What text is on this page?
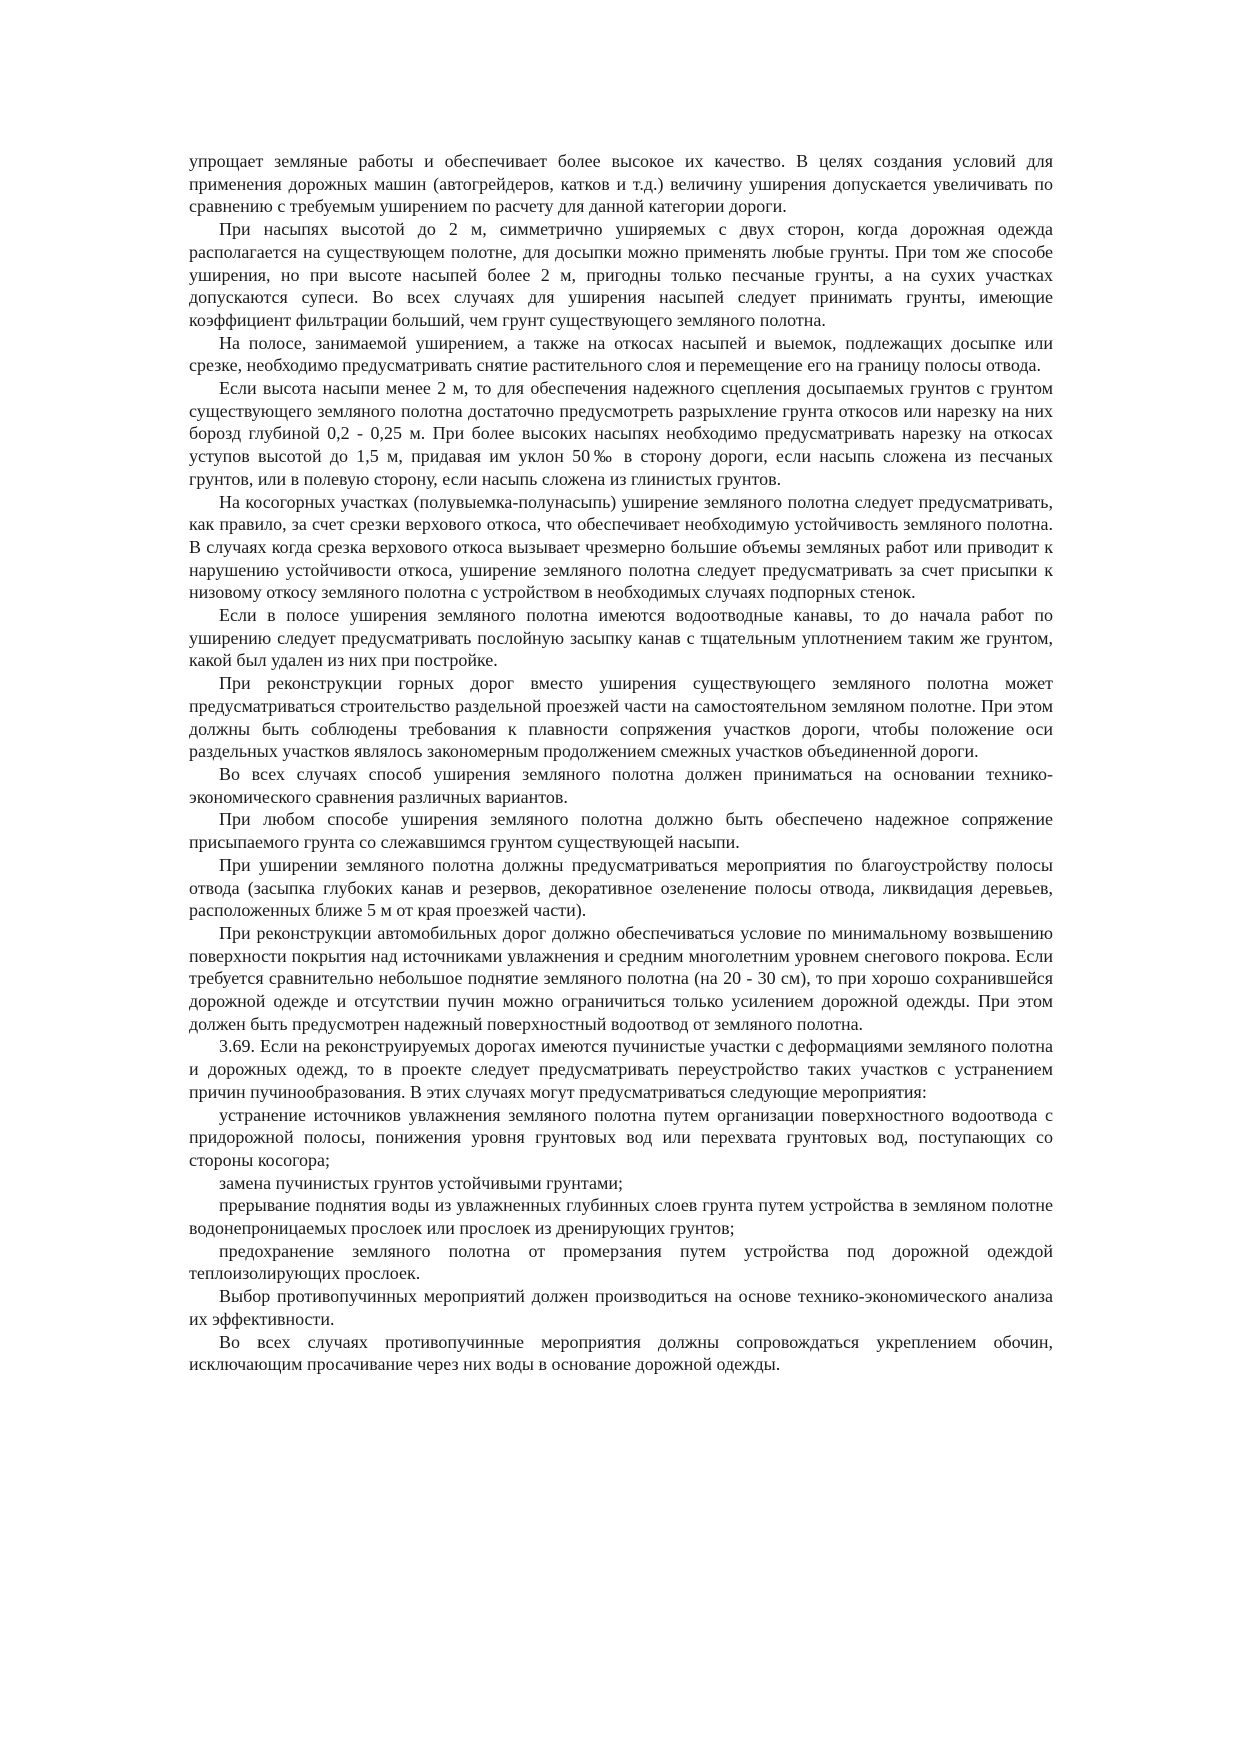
упрощает земляные работы и обеспечивает более высокое их качество. В целях создания условий для применения дорожных машин (автогрейдеров, катков и т.д.) величину уширения допускается увеличивать по сравнению с требуемым уширением по расчету для данной категории дороги.

При насыпях высотой до 2 м, симметрично уширяемых с двух сторон, когда дорожная одежда располагается на существующем полотне, для досыпки можно применять любые грунты. При том же способе уширения, но при высоте насыпей более 2 м, пригодны только песчаные грунты, а на сухих участках допускаются супеси. Во всех случаях для уширения насыпей следует принимать грунты, имеющие коэффициент фильтрации больший, чем грунт существующего земляного полотна.

На полосе, занимаемой уширением, а также на откосах насыпей и выемок, подлежащих досыпке или срезке, необходимо предусматривать снятие растительного слоя и перемещение его на границу полосы отвода.

Если высота насыпи менее 2 м, то для обеспечения надежного сцепления досыпаемых грунтов с грунтом существующего земляного полотна достаточно предусмотреть разрыхление грунта откосов или нарезку на них борозд глубиной 0,2 - 0,25 м. При более высоких насыпях необходимо предусматривать нарезку на откосах уступов высотой до 1,5 м, придавая им уклон 50‰ в сторону дороги, если насыпь сложена из песчаных грунтов, или в полевую сторону, если насыпь сложена из глинистых грунтов.

На косогорных участках (полувыемка-полунасыпь) уширение земляного полотна следует предусматривать, как правило, за счет срезки верхового откоса, что обеспечивает необходимую устойчивость земляного полотна. В случаях когда срезка верхового откоса вызывает чрезмерно большие объемы земляных работ или приводит к нарушению устойчивости откоса, уширение земляного полотна следует предусматривать за счет присыпки к низовому откосу земляного полотна с устройством в необходимых случаях подпорных стенок.

Если в полосе уширения земляного полотна имеются водоотводные канавы, то до начала работ по уширению следует предусматривать послойную засыпку канав с тщательным уплотнением таким же грунтом, какой был удален из них при постройке.

При реконструкции горных дорог вместо уширения существующего земляного полотна может предусматриваться строительство раздельной проезжей части на самостоятельном земляном полотне. При этом должны быть соблюдены требования к плавности сопряжения участков дороги, чтобы положение оси раздельных участков являлось закономерным продолжением смежных участков объединенной дороги.

Во всех случаях способ уширения земляного полотна должен приниматься на основании технико-экономического сравнения различных вариантов.

При любом способе уширения земляного полотна должно быть обеспечено надежное сопряжение присыпаемого грунта со слежавшимся грунтом существующей насыпи.

При уширении земляного полотна должны предусматриваться мероприятия по благоустройству полосы отвода (засыпка глубоких канав и резервов, декоративное озеленение полосы отвода, ликвидация деревьев, расположенных ближе 5 м от края проезжей части).

При реконструкции автомобильных дорог должно обеспечиваться условие по минимальному возвышению поверхности покрытия над источниками увлажнения и средним многолетним уровнем снегового покрова. Если требуется сравнительно небольшое поднятие земляного полотна (на 20 - 30 см), то при хорошо сохранившейся дорожной одежде и отсутствии пучин можно ограничиться только усилением дорожной одежды. При этом должен быть предусмотрен надежный поверхностный водоотвод от земляного полотна.

3.69. Если на реконструируемых дорогах имеются пучинистые участки с деформациями земляного полотна и дорожных одежд, то в проекте следует предусматривать переустройство таких участков с устранением причин пучинообразования. В этих случаях могут предусматриваться следующие мероприятия:

устранение источников увлажнения земляного полотна путем организации поверхностного водоотвода с придорожной полосы, понижения уровня грунтовых вод или перехвата грунтовых вод, поступающих со стороны косогора;

замена пучинистых грунтов устойчивыми грунтами;

прерывание поднятия воды из увлажненных глубинных слоев грунта путем устройства в земляном полотне водонепроницаемых прослоек или прослоек из дренирующих грунтов;

предохранение земляного полотна от промерзания путем устройства под дорожной одеждой теплоизолирующих прослоек.

Выбор противопучинных мероприятий должен производиться на основе технико-экономического анализа их эффективности.

Во всех случаях противопучинные мероприятия должны сопровождаться укреплением обочин, исключающим просачивание через них воды в основание дорожной одежды.
